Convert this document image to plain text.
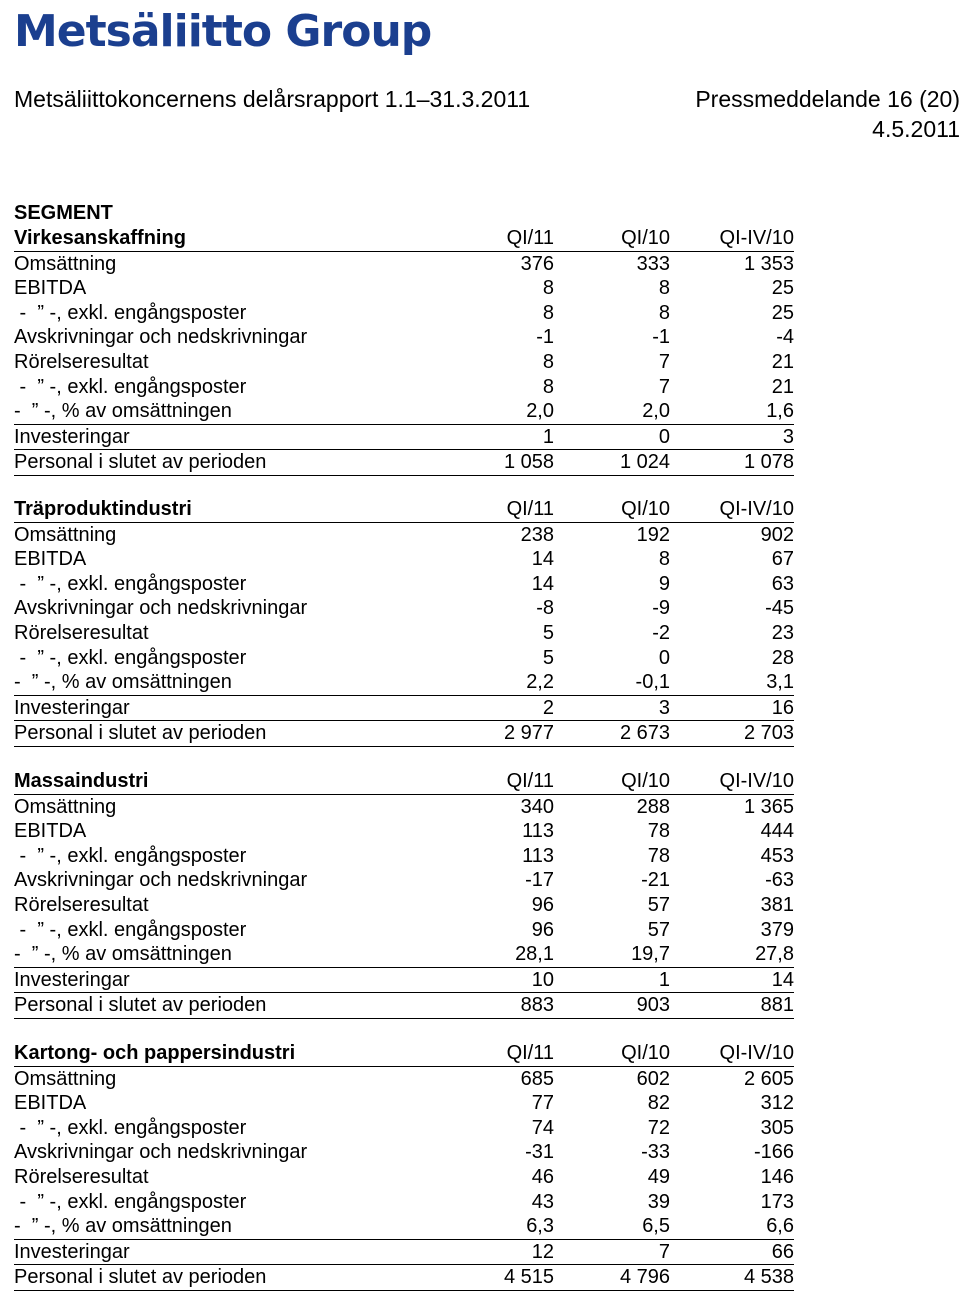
Metsäliitto Group
Metsäliittokoncernens delårsrapport 1.1–31.3.2011	Pressmeddelande 16 (20)
4.5.2011
SEGMENT
Virkesanskaffning	QI/11	QI/10	QI-IV/10
Omsättning	376	333	1 353
EBITDA	8	8	25
-  ” -, exkl. engångsposter	8	8	25
Avskrivningar och nedskrivningar	-1	-1	-4
Rörelseresultat	8	7	21
-  ” -, exkl. engångsposter	8	7	21
-  ” -, % av omsättningen	2,0	2,0	1,6
Investeringar	1	0	3
Personal i slutet av perioden	1 058	1 024	1 078
Träproduktindustri	QI/11	QI/10	QI-IV/10
Omsättning	238	192	902
EBITDA	14	8	67
-  ” -, exkl. engångsposter	14	9	63
Avskrivningar och nedskrivningar	-8	-9	-45
Rörelseresultat	5	-2	23
-  ” -, exkl. engångsposter	5	0	28
-  ” -, % av omsättningen	2,2	-0,1	3,1
Investeringar	2	3	16
Personal i slutet av perioden	2 977	2 673	2 703
Massaindustri	QI/11	QI/10	QI-IV/10
Omsättning	340	288	1 365
EBITDA	113	78	444
-  ” -, exkl. engångsposter	113	78	453
Avskrivningar och nedskrivningar	-17	-21	-63
Rörelseresultat	96	57	381
-  ” -, exkl. engångsposter	96	57	379
-  ” -, % av omsättningen	28,1	19,7	27,8
Investeringar	10	1	14
Personal i slutet av perioden	883	903	881
Kartong- och pappersindustri	QI/11	QI/10	QI-IV/10
Omsättning	685	602	2 605
EBITDA	77	82	312
-  ” -, exkl. engångsposter	74	72	305
Avskrivningar och nedskrivningar	-31	-33	-166
Rörelseresultat	46	49	146
-  ” -, exkl. engångsposter	43	39	173
-  ” -, % av omsättningen	6,3	6,5	6,6
Investeringar	12	7	66
Personal i slutet av perioden	4 515	4 796	4 538
